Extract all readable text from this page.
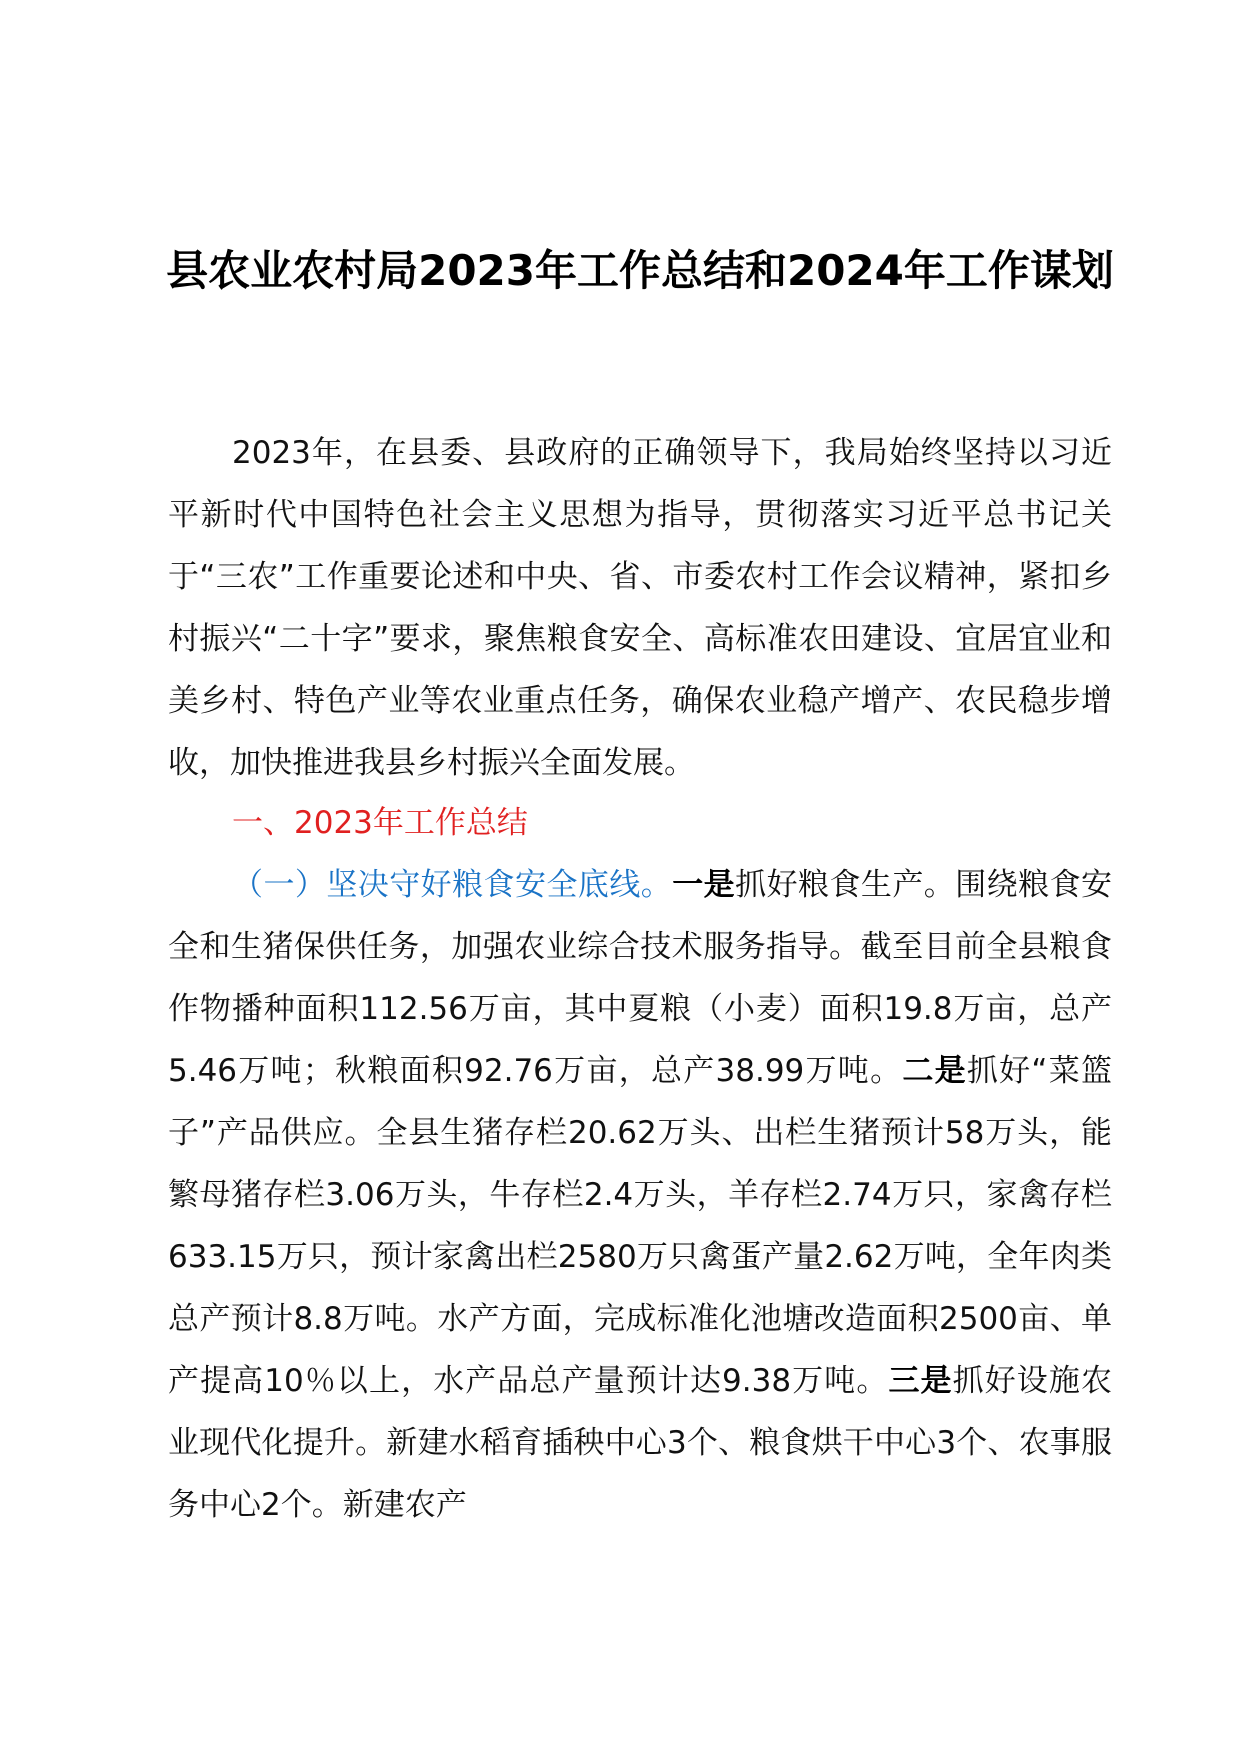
县农业农村局2023年工作总结和2024年工作谋划

2023年，在县委、县政府的正确领导下，我局始终坚持以习近平新时代中国特色社会主义思想为指导，贯彻落实习近平总书记关于“三农”工作重要论述和中央、省、市委农村工作会议精神，紧扣乡村振兴“二十字”要求，聚焦粮食安全、高标准农田建设、宜居宜业和美乡村、特色产业等农业重点任务，确保农业稳产增产、农民稳步增收，加快推进我县乡村振兴全面发展。

一、2023年工作总结

（一）坚决守好粮食安全底线。一是抓好粮食生产。围绕粮食安全和生猪保供任务，加强农业综合技术服务指导。截至目前全县粮食作物播种面积112.56万亩，其中夏粮（小麦）面积19.8万亩，总产5.46万吨；秋粮面积92.76万亩，总产38.99万吨。二是抓好“菜篮子”产品供应。全县生猪存栏20.62万头、出栏生猪预计58万头，能繁母猪存栏3.06万头，牛存栏2.4万头，羊存栏2.74万只，家禽存栏633.15万只，预计家禽出栏2580万只禽蛋产量2.62万吨，全年肉类总产预计8.8万吨。水产方面，完成标准化池塘改造面积2500亩、单产提高10％以上，水产品总产量预计达9.38万吨。三是抓好设施农业现代化提升。新建水稻育插秧中心3个、粮食烘干中心3个、农事服务中心2个。新建农产
